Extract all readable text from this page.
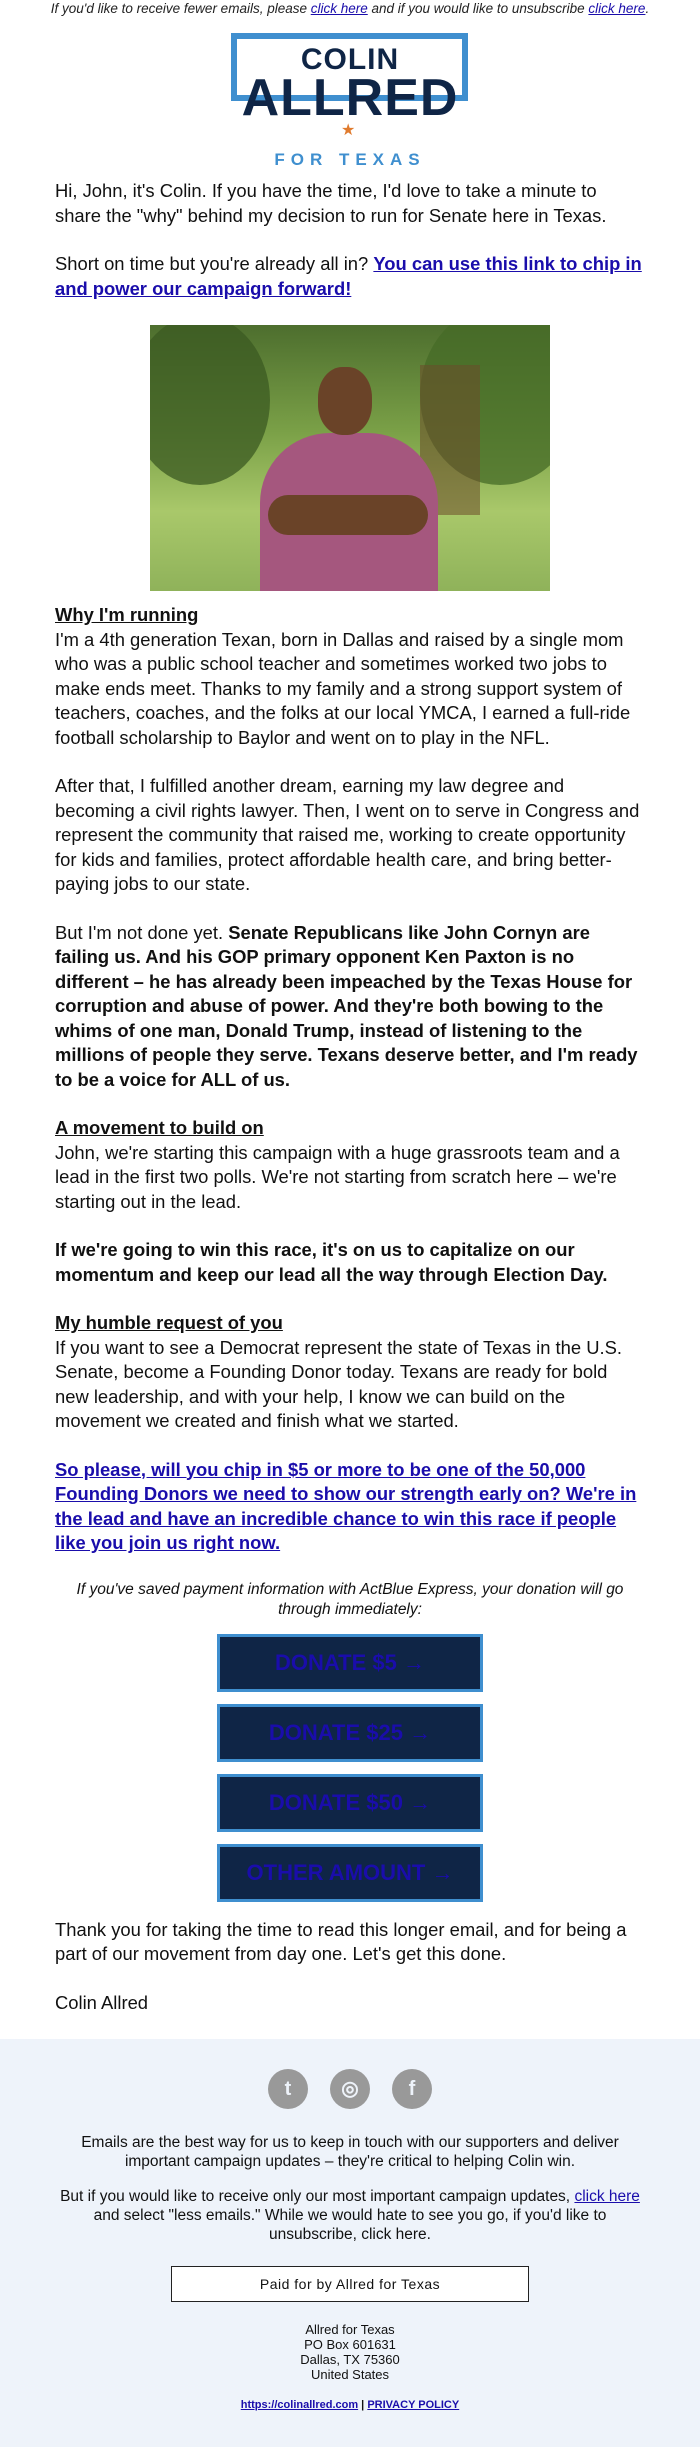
If you'd like to receive fewer emails, please click here and if you would like to unsubscribe click here.
COLIN
ALLRED
★
FOR TEXAS

Hi, John, it's Colin. If you have the time, I'd love to take a minute to share the "why" behind my decision to run for Senate here in Texas.

Short on time but you're already all in? You can use this link to chip in and power our campaign forward!

Why I'm running

I'm a 4th generation Texan, born in Dallas and raised by a single mom who was a public school teacher and sometimes worked two jobs to make ends meet. Thanks to my family and a strong support system of teachers, coaches, and the folks at our local YMCA, I earned a full-ride football scholarship to Baylor and went on to play in the NFL.

After that, I fulfilled another dream, earning my law degree and becoming a civil rights lawyer. Then, I went on to serve in Congress and represent the community that raised me, working to create opportunity for kids and families, protect affordable health care, and bring better-paying jobs to our state.

But I'm not done yet. Senate Republicans like John Cornyn are failing us. And his GOP primary opponent Ken Paxton is no different – he has already been impeached by the Texas House for corruption and abuse of power. And they're both bowing to the whims of one man, Donald Trump, instead of listening to the millions of people they serve. Texans deserve better, and I'm ready to be a voice for ALL of us.

A movement to build on

John, we're starting this campaign with a huge grassroots team and a lead in the first two polls. We're not starting from scratch here – we're starting out in the lead.

If we're going to win this race, it's on us to capitalize on our momentum and keep our lead all the way through Election Day.

My humble request of you

If you want to see a Democrat represent the state of Texas in the U.S. Senate, become a Founding Donor today. Texans are ready for bold new leadership, and with your help, I know we can build on the movement we created and finish what we started.

So please, will you chip in $5 or more to be one of the 50,000 Founding Donors we need to show our strength early on? We're in the lead and have an incredible chance to win this race if people like you join us right now.

If you've saved payment information with ActBlue Express, your donation will go through immediately:
DONATE $5 →
DONATE $25 →
DONATE $50 →
OTHER AMOUNT →

Thank you for taking the time to read this longer email, and for being a part of our movement from day one. Let's get this done.

Colin Allred

t	◎	f

Emails are the best way for us to keep in touch with our supporters and deliver important campaign updates – they're critical to helping Colin win.

But if you would like to receive only our most important campaign updates, click here and select "less emails." While we would hate to see you go, if you'd like to unsubscribe, click here.

Paid for by Allred for Texas
Allred for Texas
PO Box 601631
Dallas, TX 75360
United States
https://colinallred.com | PRIVACY POLICY
